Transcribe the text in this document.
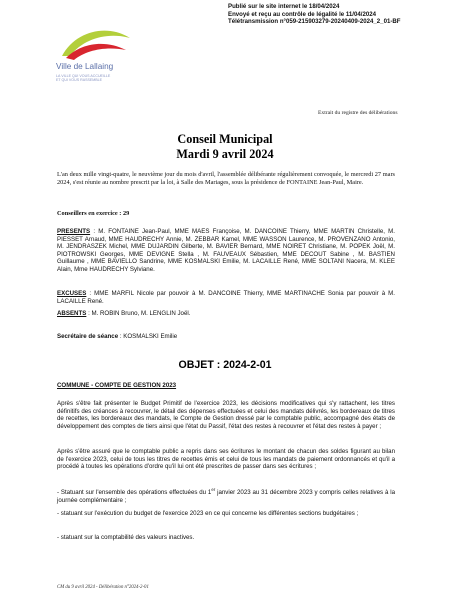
Publié sur le site internet le 18/04/2024
Envoyé et reçu au contrôle de légalité le 11/04/2024
Télétransmission n°059-215903279-20240409-2024_2_01-BF
Ville de Lallaing
LA VILLE QUI VOUS ACCUEILLE
ET QUI VOUS RASSEMBLE
Extrait du registre des délibérations
Conseil Municipal
Mardi 9 avril 2024
L'an deux mille vingt-quatre, le neuvième jour du mois d'avril, l'assemblée délibérante régulièrement convoquée, le mercredi 27 mars 2024, s'est réunie au nombre prescrit par la loi, à Salle des Mariages, sous la présidence de FONTAINE Jean-Paul, Maire.
Conseillers en exercice : 29
PRESENTS : M. FONTAINE Jean-Paul, MME MAES Françoise, M. DANCOINE Thierry, MME MARTIN Christelle, M. PIESSET Arnaud, MME HAUDRECHY Annie, M. ZEBBAR Kamel, MME WASSON Laurence, M. PROVENZANO Antonio, M. JENDRASZEK Michel, MME DUJARDIN Gilberte, M. BAVIER Bernard, MME NOIRET Christiane, M. POPEK Joël, M. PIOTROWSKI Georges, MME DEVIGNE Stella , M. FAUVEAUX Sébastien, MME DECOUT Sabine , M. BASTIEN Guillaume , MME BAVIELLO Sandrine, MME KOSMALSKI Emilie, M. LACAILLE René, MME SOLTANI Nacera, M. KLEE Alain, Mme HAUDRECHY Sylviane.
EXCUSES : MME MARFIL Nicole par pouvoir à M. DANCOINE Thierry, MME MARTINACHE Sonia par pouvoir à M. LACAILLE René.
ABSENTS : M. ROBIN Bruno, M. LENGLIN Joël.
Secrétaire de séance : KOSMALSKI Emilie
OBJET : 2024-2-01
COMMUNE - COMPTE DE GESTION 2023
Après s'être fait présenter le Budget Primitif de l'exercice 2023, les décisions modificatives qui s'y rattachent, les titres définitifs des créances à recouvrer, le détail des dépenses effectuées et celui des mandats délivrés, les bordereaux de titres de recettes, les bordereaux des mandats, le Compte de Gestion dressé par le comptable public, accompagné des états de développement des comptes de tiers ainsi que l'état du Passif, l'état des restes à recouvrer et l'état des restes à payer ;
Après s'être assuré que le comptable public a repris dans ses écritures le montant de chacun des soldes figurant au bilan de l'exercice 2023, celui de tous les titres de recettes émis et celui de tous les mandats de paiement ordonnancés et qu'il a procédé à toutes les opérations d'ordre qu'il lui ont été prescrites de passer dans ses écritures ;
- Statuant sur l'ensemble des opérations effectuées du 1er janvier 2023 au 31 décembre 2023 y compris celles relatives à la journée complémentaire ;
- statuant sur l'exécution du budget de l'exercice 2023 en ce qui concerne les différentes sections budgétaires ;
- statuant sur la comptabilité des valeurs inactives.
CM du 9 avril 2024 - Délibération n°2024-2-01
